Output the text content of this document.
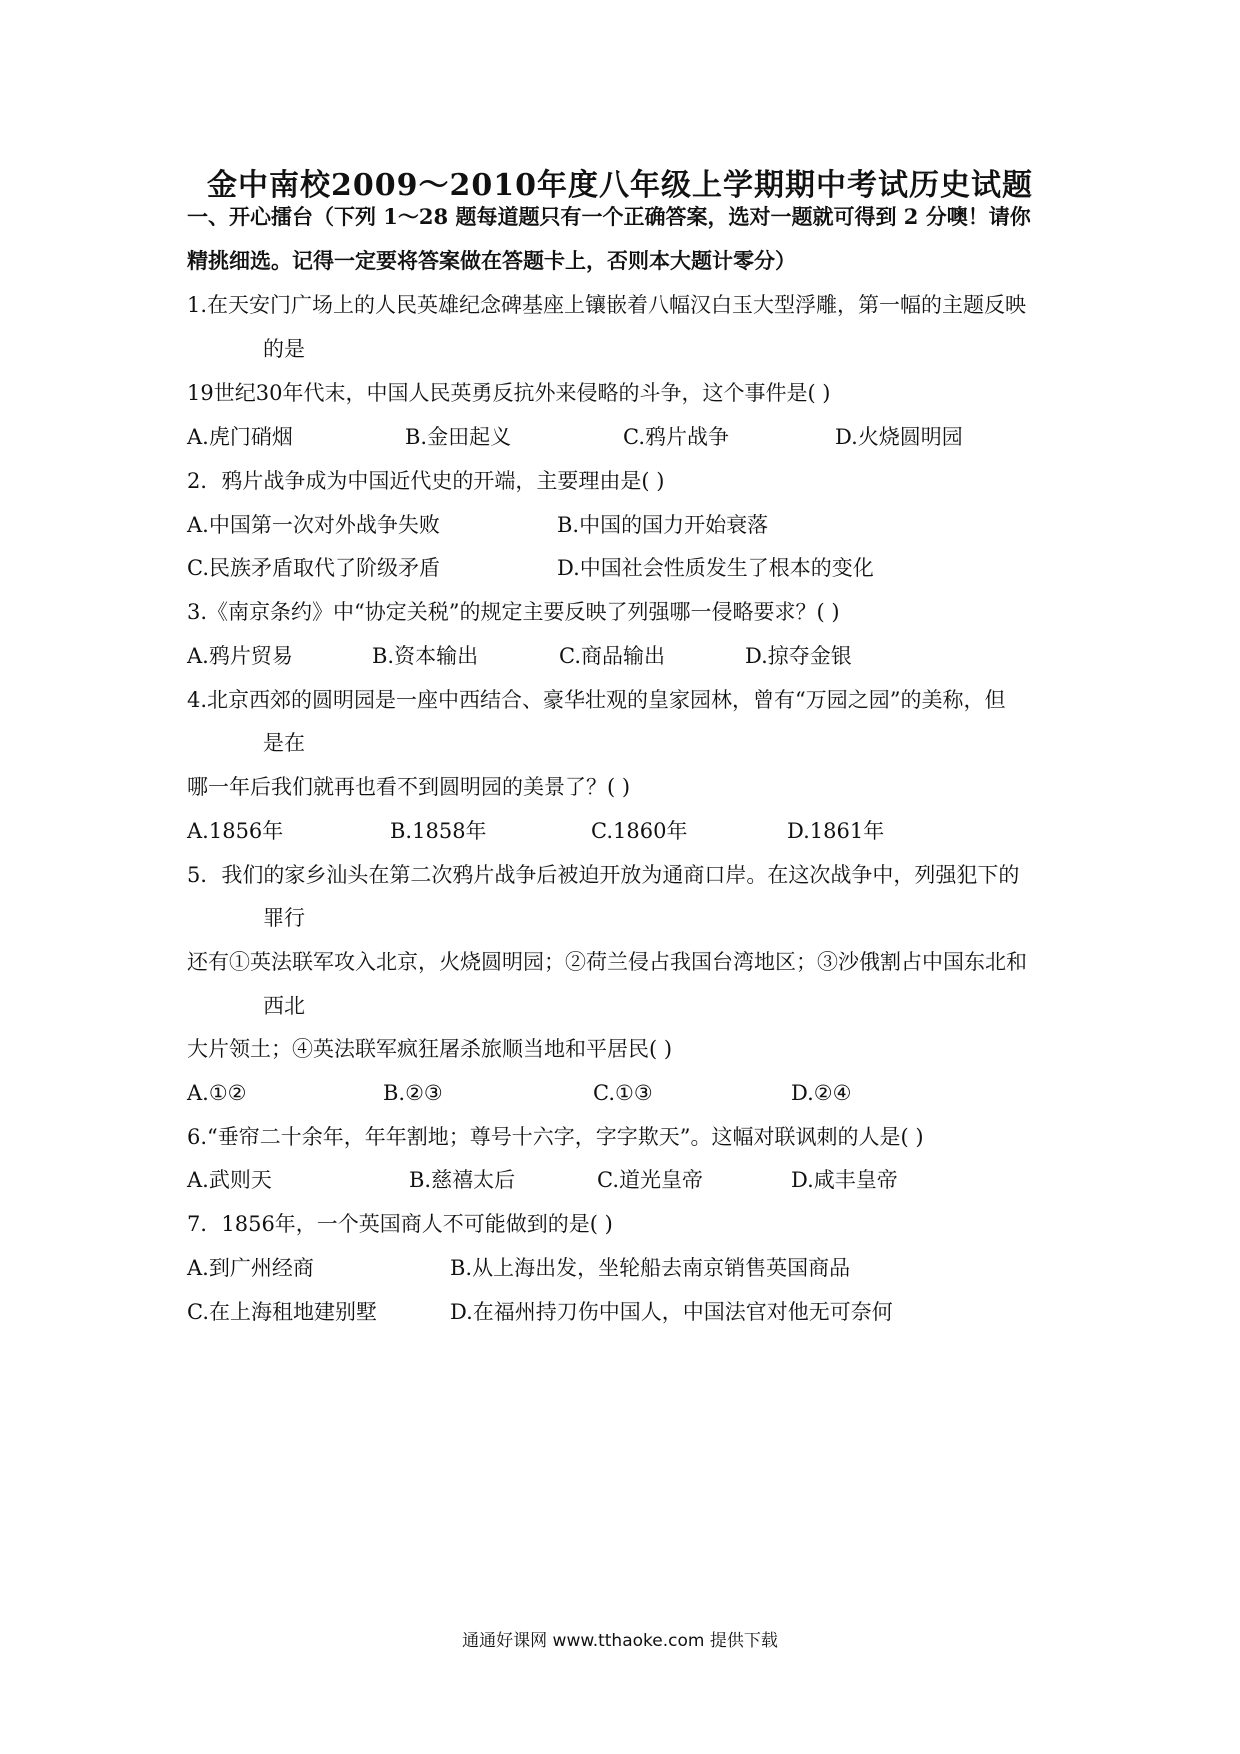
金中南校2009～2010年度八年级上学期期中考试历史试题
一、开心擂台（下列 1～28 题每道题只有一个正确答案，选对一题就可得到 2 分噢！请你
精挑细选。记得一定要将答案做在答题卡上，否则本大题计零分）
1.在天安门广场上的人民英雄纪念碑基座上镶嵌着八幅汉白玉大型浮雕，第一幅的主题反映
的是
19世纪30年代末，中国人民英勇反抗外来侵略的斗争，这个事件是( )
A.虎门硝烟	B.金田起义	C.鸦片战争	D.火烧圆明园
2．鸦片战争成为中国近代史的开端，主要理由是( )
A.中国第一次对外战争失败	B.中国的国力开始衰落
C.民族矛盾取代了阶级矛盾	D.中国社会性质发生了根本的变化
3.《南京条约》中“协定关税”的规定主要反映了列强哪一侵略要求？( )
A.鸦片贸易	B.资本输出	C.商品输出	D.掠夺金银
4.北京西郊的圆明园是一座中西结合、豪华壮观的皇家园林，曾有“万园之园”的美称，但
是在
哪一年后我们就再也看不到圆明园的美景了？( )
A.1856年	B.1858年	C.1860年	D.1861年
5．我们的家乡汕头在第二次鸦片战争后被迫开放为通商口岸。在这次战争中，列强犯下的
罪行
还有①英法联军攻入北京，火烧圆明园；②荷兰侵占我国台湾地区；③沙俄割占中国东北和
西北
大片领土；④英法联军疯狂屠杀旅顺当地和平居民( )
A.①②	B.②③	C.①③	D.②④
6.“垂帘二十余年，年年割地；尊号十六字，字字欺天”。这幅对联讽刺的人是( )
A.武则天	B.慈禧太后	C.道光皇帝	D.咸丰皇帝
7．1856年，一个英国商人不可能做到的是( )
A.到广州经商	B.从上海出发，坐轮船去南京销售英国商品
C.在上海租地建别墅	D.在福州持刀伤中国人，中国法官对他无可奈何
通通好课网 www.tthaoke.com 提供下载
